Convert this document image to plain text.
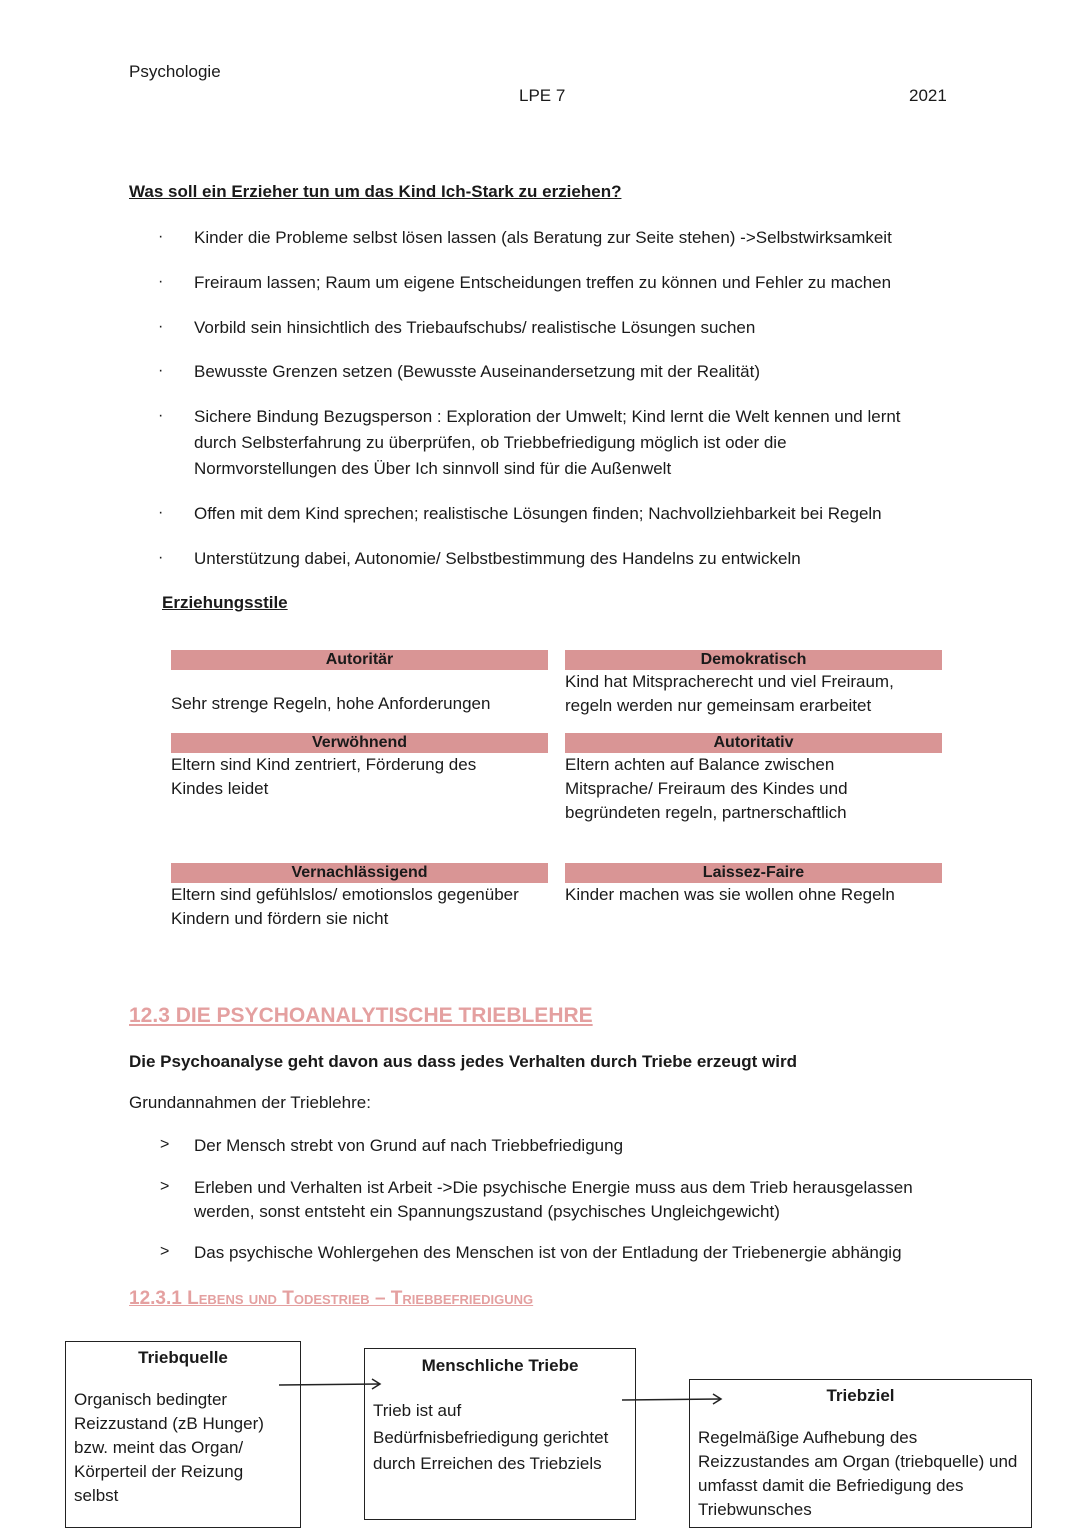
Psychologie
LPE 7	2021
Was soll ein Erzieher tun um das Kind Ich-Stark zu erziehen?
· Kinder die Probleme selbst lösen lassen (als Beratung zur Seite stehen) ->Selbstwirksamkeit
· Freiraum lassen; Raum um eigene Entscheidungen treffen zu können und Fehler zu machen
· Vorbild sein hinsichtlich des Triebaufschubs/ realistische Lösungen suchen
· Bewusste Grenzen setzen (Bewusste Auseinandersetzung mit der Realität)
· Sichere Bindung Bezugsperson : Exploration der Umwelt; Kind lernt die Welt kennen und lernt durch Selbsterfahrung zu überprüfen, ob Triebbefriedigung möglich ist oder die Normvorstellungen des Über Ich sinnvoll sind für die Außenwelt
· Offen mit dem Kind sprechen; realistische Lösungen finden; Nachvollziehbarkeit bei Regeln
· Unterstützung dabei, Autonomie/ Selbstbestimmung des Handelns zu entwickeln
Erziehungsstile
Autoritär
Sehr strenge Regeln, hohe Anforderungen
Demokratisch
Kind hat Mitspracherecht und viel Freiraum, regeln werden nur gemeinsam erarbeitet
Verwöhnend
Eltern sind Kind zentriert, Förderung des Kindes leidet
Autoritativ
Eltern achten auf Balance zwischen Mitsprache/ Freiraum des Kindes und begründeten regeln, partnerschaftlich
Vernachlässigend
Eltern sind gefühlslos/ emotionslos gegenüber Kindern und fördern sie nicht
Laissez-Faire
Kinder machen was sie wollen ohne Regeln
12.3 DIE PSYCHOANALYTISCHE TRIEBLEHRE
Die Psychoanalyse geht davon aus dass jedes Verhalten durch Triebe erzeugt wird
Grundannahmen der Trieblehre:
> Der Mensch strebt von Grund auf nach Triebbefriedigung
> Erleben und Verhalten ist Arbeit ->Die psychische Energie muss aus dem Trieb herausgelassen werden, sonst entsteht ein Spannungszustand (psychisches Ungleichgewicht)
> Das psychische Wohlergehen des Menschen ist von der Entladung der Triebenergie abhängig
12.3.1 Lebens und Todestrieb – Triebbefriedigung
Triebquelle
Organisch bedingter Reizzustand (zB Hunger) bzw. meint das Organ/ Körperteil der Reizung selbst
Menschliche Triebe
Trieb ist auf Bedürfnisbefriedigung gerichtet durch Erreichen des Triebziels
Triebziel
Regelmäßige Aufhebung des Reizzustandes am Organ (triebquelle) und umfasst damit die Befriedigung des Triebwunsches
